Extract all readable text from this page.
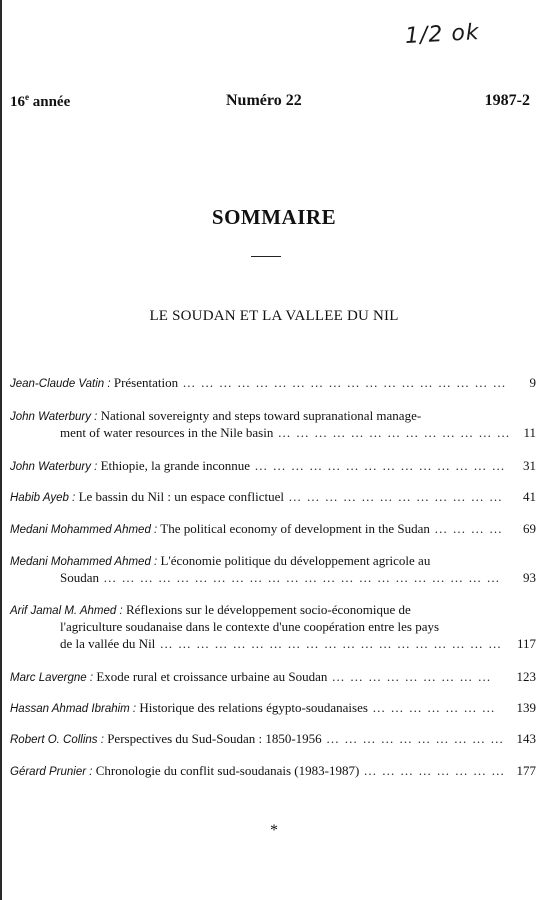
1/2 ok
16e année	Numéro 22	1987-2
SOMMAIRE
LE SOUDAN ET LA VALLEE DU NIL
Jean-Claude Vatin : Présentation … … … … … … … … … … … … … … … … … … 9
John Waterbury : National sovereignty and steps toward supranational manage-
ment of water resources in the Nile basin … … … … … … … … … … … … … 11
John Waterbury : Ethiopie, la grande inconnue … … … … … … … … … … … … … … 31
Habib Ayeb : Le bassin du Nil : un espace conflictuel … … … … … … … … … … … … 41
Medani Mohammed Ahmed : The political economy of development in the Sudan … … … … 69
Medani Mohammed Ahmed : L'économie politique du développement agricole au
Soudan … … … … … … … … … … … … … … … … … … … … … … 93
Arif Jamal M. Ahmed : Réflexions sur le développement socio-économique de
l'agriculture soudanaise dans le contexte d'une coopération entre les pays
de la vallée du Nil … … … … … … … … … … … … … … … … … … … 117
Marc Lavergne : Exode rural et croissance urbaine au Soudan … … … … … … … … … 123
Hassan Ahmad Ibrahim : Historique des relations égypto-soudanaises … … … … … … … 139
Robert O. Collins : Perspectives du Sud-Soudan : 1850-1956 … … … … … … … … … … 143
Gérard Prunier : Chronologie du conflit sud-soudanais (1983-1987) … … … … … … … … 177
*
